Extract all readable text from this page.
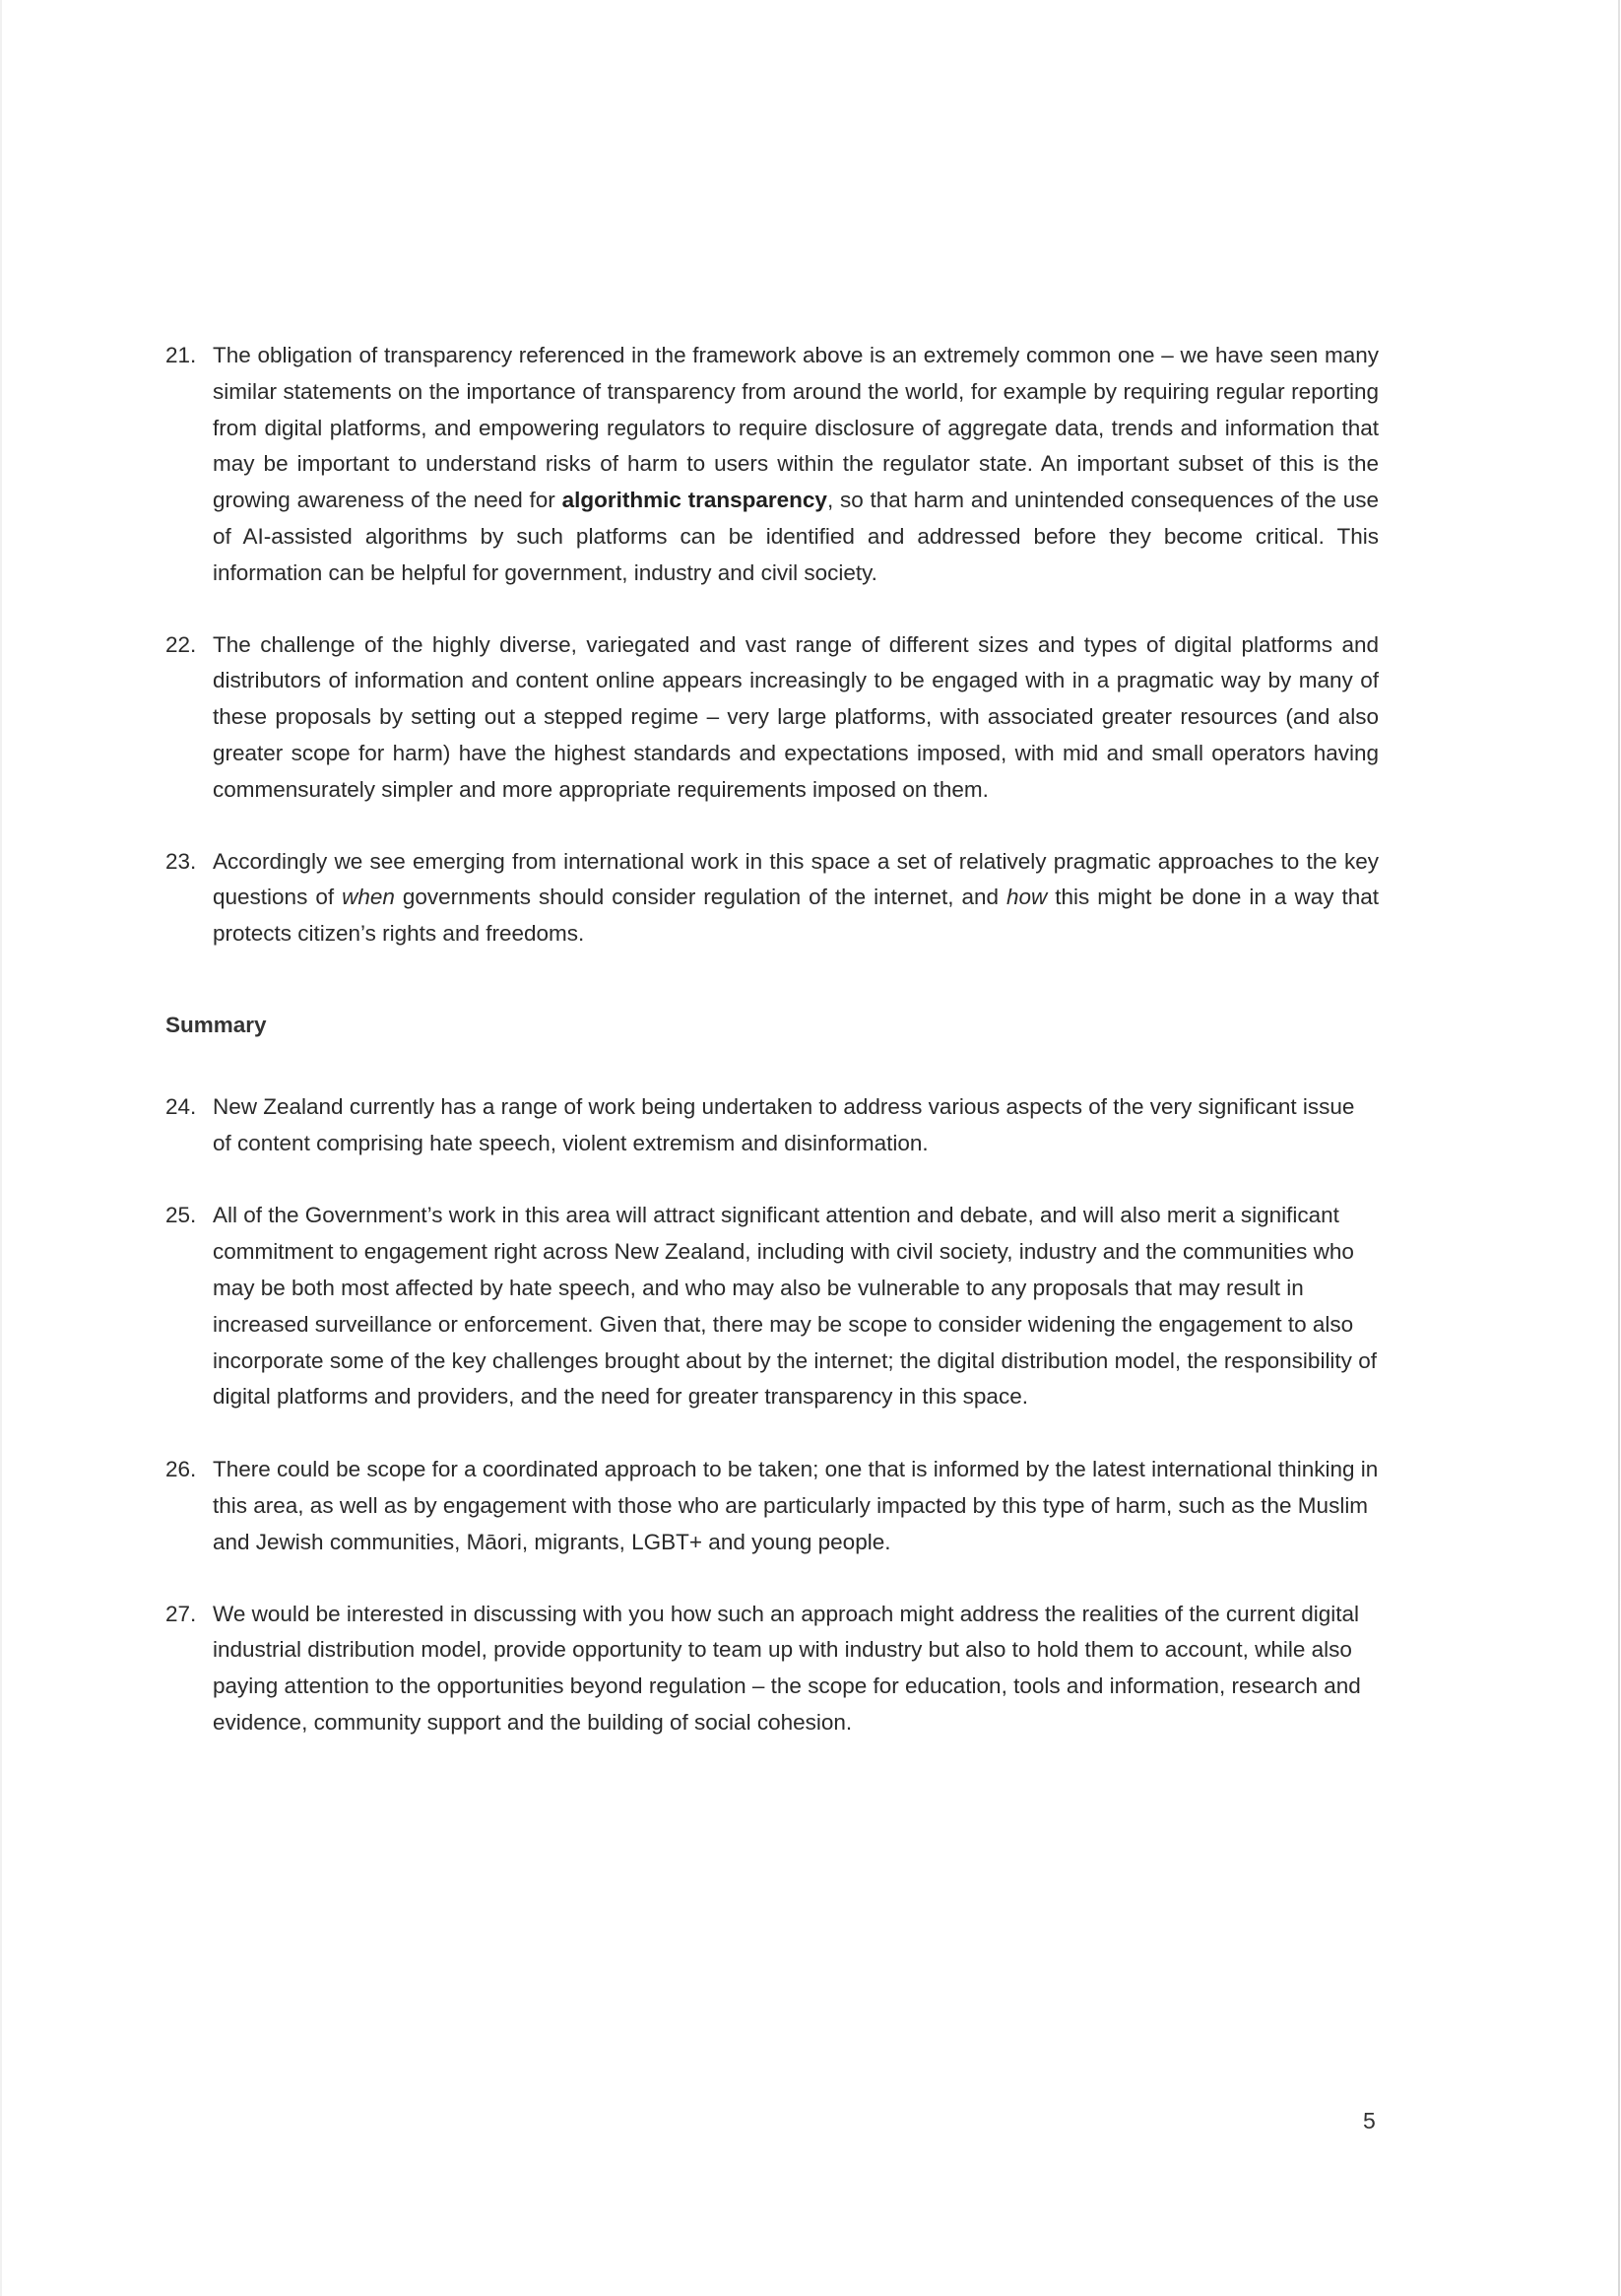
21. The obligation of transparency referenced in the framework above is an extremely common one – we have seen many similar statements on the importance of transparency from around the world, for example by requiring regular reporting from digital platforms, and empowering regulators to require disclosure of aggregate data, trends and information that may be important to understand risks of harm to users within the regulator state. An important subset of this is the growing awareness of the need for algorithmic transparency, so that harm and unintended consequences of the use of AI-assisted algorithms by such platforms can be identified and addressed before they become critical. This information can be helpful for government, industry and civil society.

22. The challenge of the highly diverse, variegated and vast range of different sizes and types of digital platforms and distributors of information and content online appears increasingly to be engaged with in a pragmatic way by many of these proposals by setting out a stepped regime – very large platforms, with associated greater resources (and also greater scope for harm) have the highest standards and expectations imposed, with mid and small operators having commensurately simpler and more appropriate requirements imposed on them.

23. Accordingly we see emerging from international work in this space a set of relatively pragmatic approaches to the key questions of when governments should consider regulation of the internet, and how this might be done in a way that protects citizen’s rights and freedoms.

Summary

24. New Zealand currently has a range of work being undertaken to address various aspects of the very significant issue of content comprising hate speech, violent extremism and disinformation.

25. All of the Government’s work in this area will attract significant attention and debate, and will also merit a significant commitment to engagement right across New Zealand, including with civil society, industry and the communities who may be both most affected by hate speech, and who may also be vulnerable to any proposals that may result in increased surveillance or enforcement. Given that, there may be scope to consider widening the engagement to also incorporate some of the key challenges brought about by the internet; the digital distribution model, the responsibility of digital platforms and providers, and the need for greater transparency in this space.

26. There could be scope for a coordinated approach to be taken; one that is informed by the latest international thinking in this area, as well as by engagement with those who are particularly impacted by this type of harm, such as the Muslim and Jewish communities, Māori, migrants, LGBT+ and young people.

27. We would be interested in discussing with you how such an approach might address the realities of the current digital industrial distribution model, provide opportunity to team up with industry but also to hold them to account, while also paying attention to the opportunities beyond regulation – the scope for education, tools and information, research and evidence, community support and the building of social cohesion.

5
